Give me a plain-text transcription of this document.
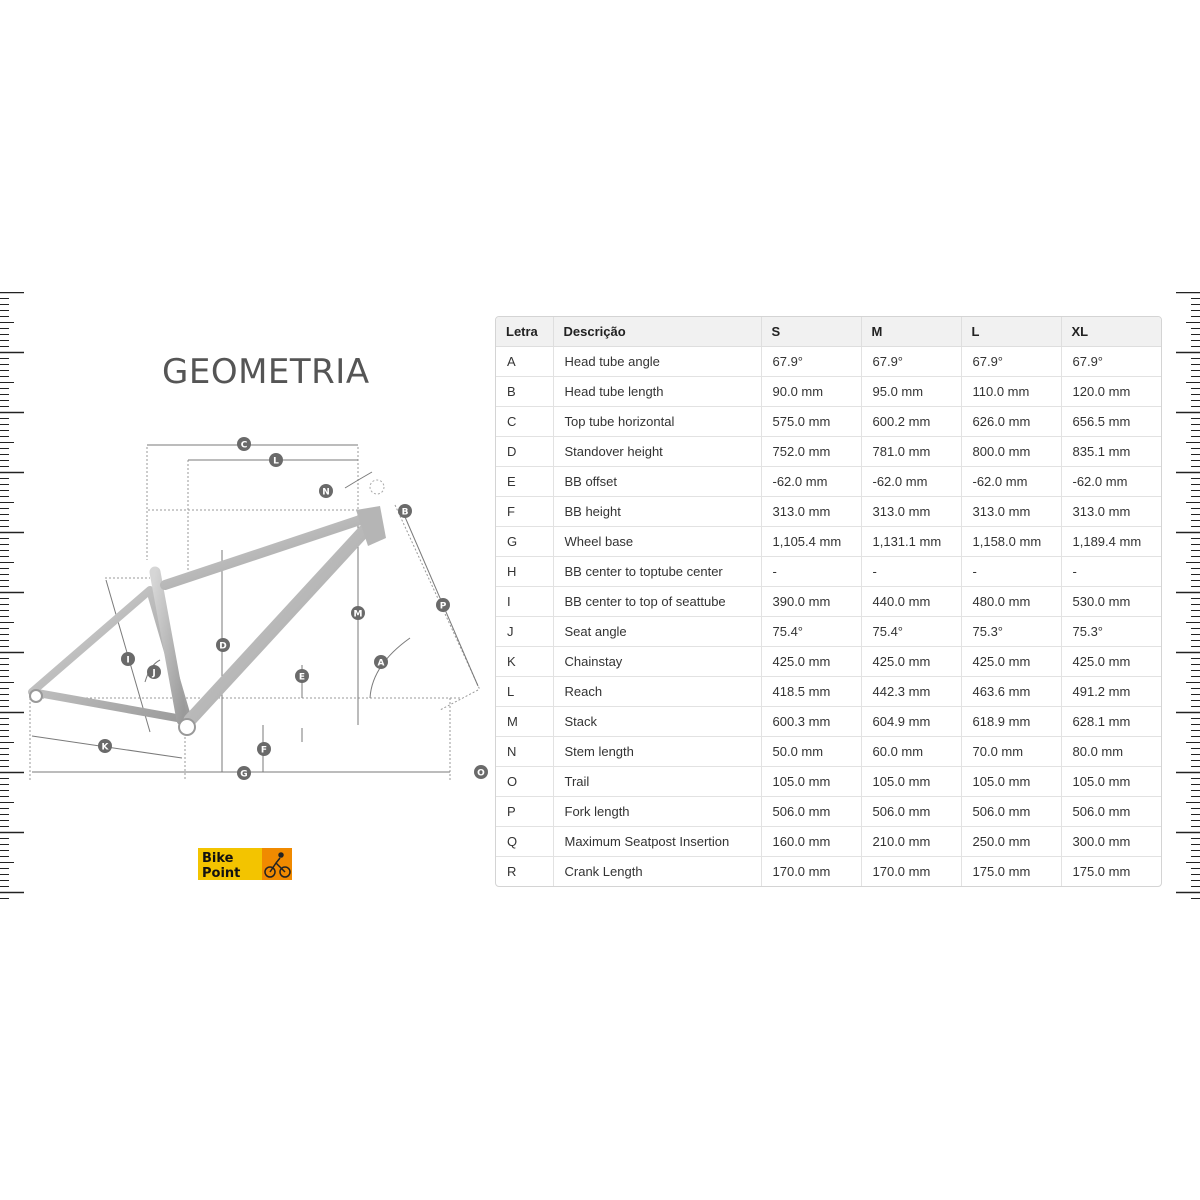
GEOMETRIA
A
B
C
D
E
F
G
I
J
K
L
M
N
O
P
Bike
Point
Letra	Descrição	S	M	L	XL
A	Head tube angle	67.9°	67.9°	67.9°	67.9°
B	Head tube length	90.0 mm	95.0 mm	110.0 mm	120.0 mm
C	Top tube horizontal	575.0 mm	600.2 mm	626.0 mm	656.5 mm
D	Standover height	752.0 mm	781.0 mm	800.0 mm	835.1 mm
E	BB offset	-62.0 mm	-62.0 mm	-62.0 mm	-62.0 mm
F	BB height	313.0 mm	313.0 mm	313.0 mm	313.0 mm
G	Wheel base	1,105.4 mm	1,131.1 mm	1,158.0 mm	1,189.4 mm
H	BB center to toptube center	-	-	-	-
I	BB center to top of seattube	390.0 mm	440.0 mm	480.0 mm	530.0 mm
J	Seat angle	75.4°	75.4°	75.3°	75.3°
K	Chainstay	425.0 mm	425.0 mm	425.0 mm	425.0 mm
L	Reach	418.5 mm	442.3 mm	463.6 mm	491.2 mm
M	Stack	600.3 mm	604.9 mm	618.9 mm	628.1 mm
N	Stem length	50.0 mm	60.0 mm	70.0 mm	80.0 mm
O	Trail	105.0 mm	105.0 mm	105.0 mm	105.0 mm
P	Fork length	506.0 mm	506.0 mm	506.0 mm	506.0 mm
Q	Maximum Seatpost Insertion	160.0 mm	210.0 mm	250.0 mm	300.0 mm
R	Crank Length	170.0 mm	170.0 mm	175.0 mm	175.0 mm
